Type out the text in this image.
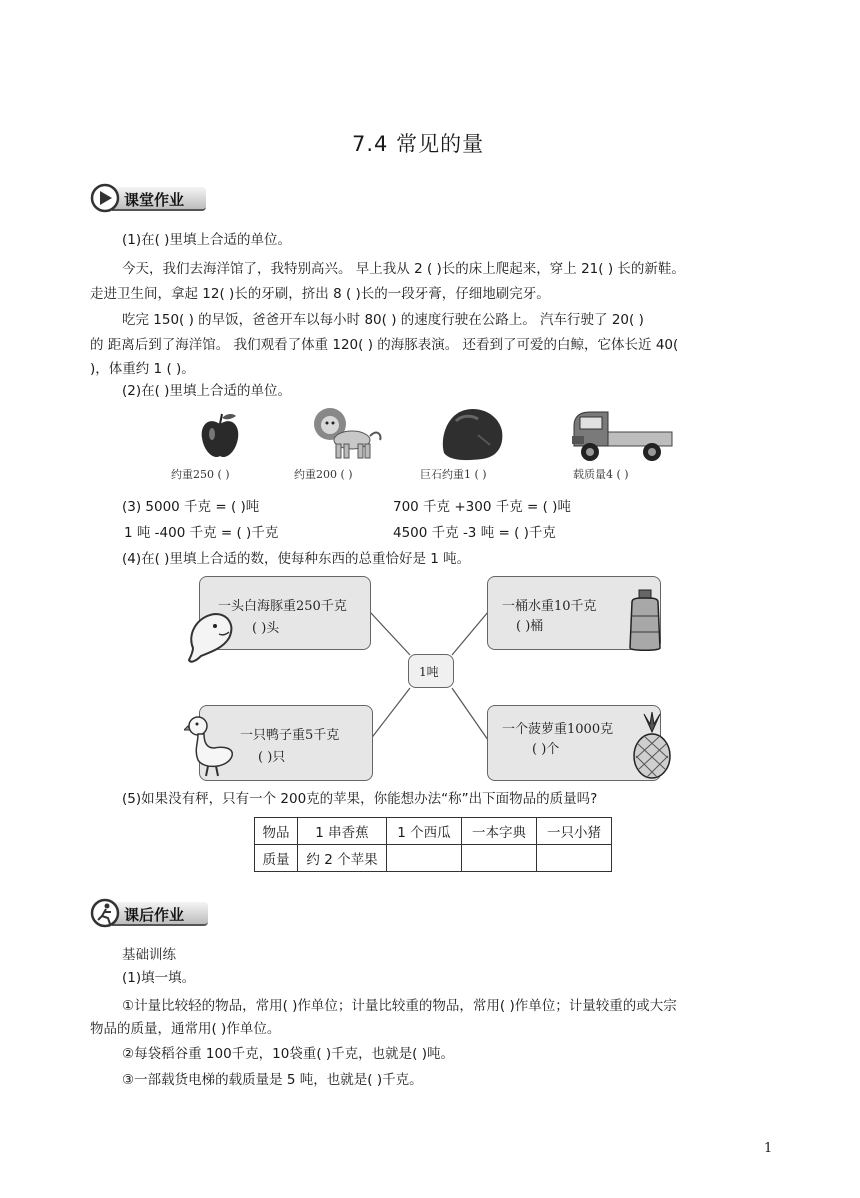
7.4 常见的量
课堂作业
(1)在( )里填上合适的单位。
今天，我们去海洋馆了，我特别高兴。 早上我从 2 ( )长的床上爬起来，穿上 21( ) 长的新鞋。
走进卫生间，拿起 12( )长的牙刷，挤出 8 ( )长的一段牙膏，仔细地刷完牙。
吃完 150( ) 的早饭，爸爸开车以每小时 80( ) 的速度行驶在公路上。 汽车行驶了 20( )
的 距离后到了海洋馆。 我们观看了体重 120( ) 的海豚表演。 还看到了可爱的白鲸，它体长近 40(
)，体重约 1 ( )。
(2)在( )里填上合适的单位。
约重250 ( )	约重200 ( )	巨石约重1 ( )	载质量4 ( )
(3) 5000 千克 = ( )吨	700 千克 +300 千克 = ( )吨
1 吨 -400 千克 = ( )千克	4500 千克 -3 吨 = ( )千克
(4)在( )里填上合适的数，使每种东西的总重恰好是 1 吨。
一头白海豚重250千克
( )头
一桶水重10千克
( )桶
1吨
一只鸭子重5千克
( )只
一个菠萝重1000克
( )个
(5)如果没有秤，只有一个 200克的苹果，你能想办法“称”出下面物品的质量吗?
物品	1 串香蕉	1 个西瓜	一本字典	一只小猪
质量	约 2 个苹果			
课后作业
基础训练
(1)填一填。
①计量比较轻的物品，常用( )作单位；计量比较重的物品，常用( )作单位；计量较重的或大宗
物品的质量，通常用( )作单位。
②每袋稻谷重 100千克，10袋重( )千克，也就是( )吨。
③一部载货电梯的载质量是 5 吨，也就是( )千克。
1
